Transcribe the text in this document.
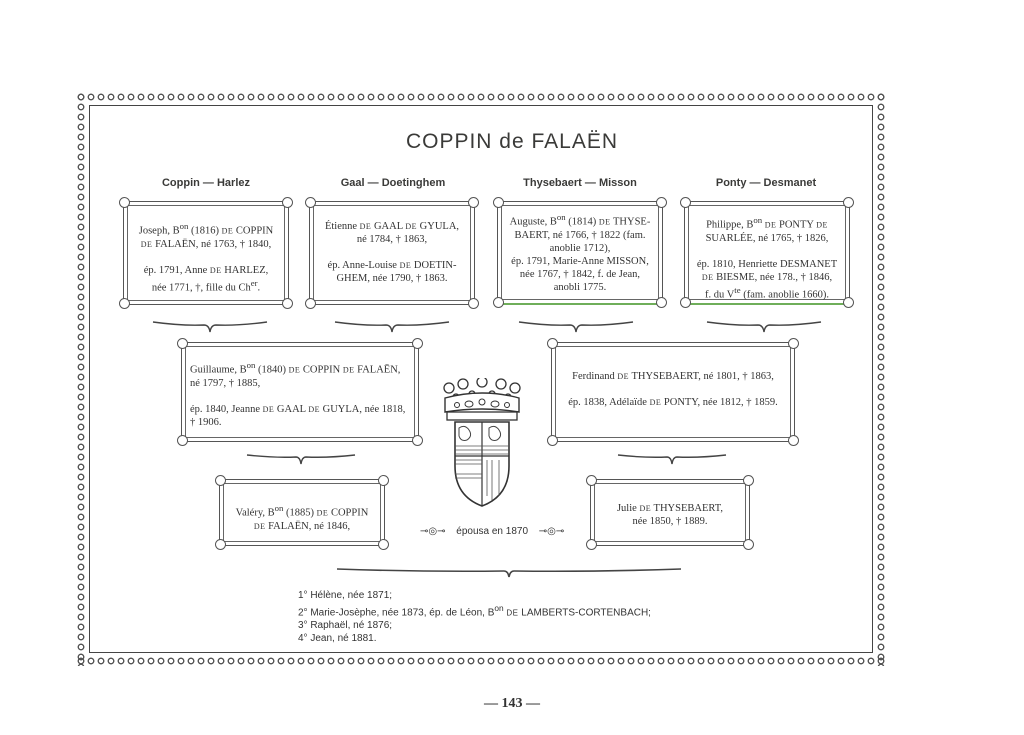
COPPIN de FALAËN
Coppin — Harlez	Gaal — Doetinghem	Thysebaert — Misson	Ponty — Desmanet
Joseph, $B^{on}$ (1816) DE COPPIN
DE FALAËN, né 1763, † 1840,

ép. 1791, Anne DE HARLEZ,
née 1771, †, fille du $Ch^{er}$.
Étienne DE GAAL DE GYULA,
né 1784, † 1863,

ép. Anne-Louise DE DOETIN-
GHEM, née 1790, † 1863.
Auguste, $B^{on}$ (1814) DE THYSE-
BAERT, né 1766, † 1822 (fam.
anoblie 1712),
ép. 1791, Marie-Anne MISSON,
née 1767, † 1842, f. de Jean,
anobli 1775.
Philippe, $B^{on}$ DE PONTY DE
SUARLÉE, né 1765, † 1826,

ép. 1810, Henriette DESMANET
DE BIESME, née 178., † 1846,
f. du $V^{te}$ (fam. anoblie 1660).
Guillaume, $B^{on}$ (1840) DE COPPIN DE FALAËN,
né 1797, † 1885,

ép. 1840, Jeanne DE GAAL DE GUYLA, née 1818,
† 1906.
Ferdinand DE THYSEBAERT, né 1801, † 1863,

ép. 1838, Adélaïde DE PONTY, née 1812, † 1859.
Valéry, $B^{on}$ (1885) DE COPPIN
DE FALAËN, né 1846,
Julie DE THYSEBAERT,
née 1850, † 1889.
⊸◎⊸ épousa en 1870 ⊸◎⊸
1° Hélène, née 1871;
2° Marie-Josèphe, née 1873, ép. de Léon, $B^{on}$ DE LAMBERTS-CORTENBACH;
3° Raphaël, né 1876;
4° Jean, né 1881.
— 143 —
